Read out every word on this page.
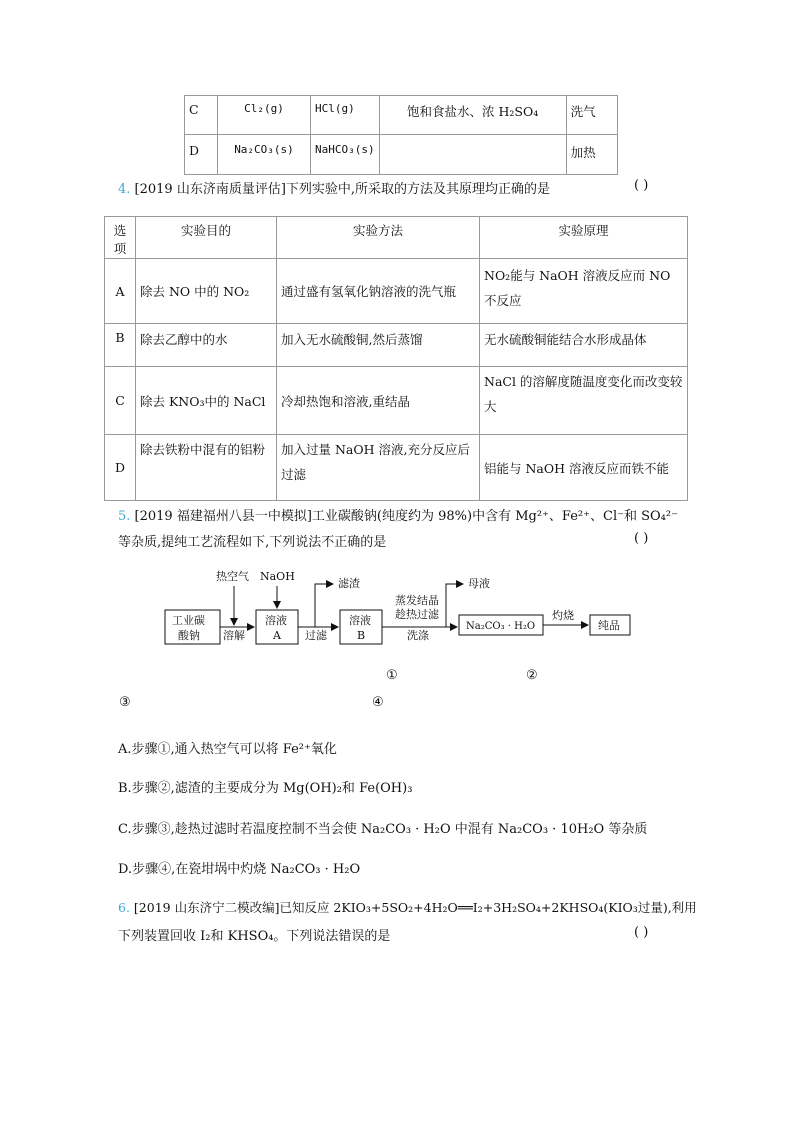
C	Cl₂(g)	HCl(g)	饱和食盐水、浓 H₂SO₄	洗气
D	Na₂CO₃(s)	NaHCO₃(s)		加热
4. [2019 山东济南质量评估]下列实验中,所采取的方法及其原理均正确的是	( )
选项	实验目的	实验方法	实验原理
A	除去 NO 中的 NO₂	通过盛有氢氧化钠溶液的洗气瓶	NO₂能与 NaOH 溶液反应而 NO 不反应
B	除去乙醇中的水	加入无水硫酸铜,然后蒸馏	无水硫酸铜能结合水形成晶体
C	除去 KNO₃中的 NaCl	冷却热饱和溶液,重结晶	NaCl 的溶解度随温度变化而改变较大
D	除去铁粉中混有的铝粉	加入过量 NaOH 溶液,充分反应后过滤	铝能与 NaOH 溶液反应而铁不能
5. [2019 福建福州八县一中模拟]工业碳酸钠(纯度约为 98%)中含有 Mg²⁺、Fe²⁺、Cl⁻和 SO₄²⁻
等杂质,提纯工艺流程如下,下列说法不正确的是	( )
热空气 NaOH
滤渣	母液
工业碳
酸钠 溶解
溶液
A 过滤
溶液
B
蒸发结晶
趁热过滤
洗涤
Na₂CO₃ · H₂O
灼烧
纯品
①	②
③	④
A.步骤①,通入热空气可以将 Fe²⁺氧化
B.步骤②,滤渣的主要成分为 Mg(OH)₂和 Fe(OH)₃
C.步骤③,趁热过滤时若温度控制不当会使 Na₂CO₃ · H₂O 中混有 Na₂CO₃ · 10H₂O 等杂质
D.步骤④,在瓷坩埚中灼烧 Na₂CO₃ · H₂O
6. [2019 山东济宁二模改编]已知反应 2KIO₃+5SO₂+4H₂O══I₂+3H₂SO₄+2KHSO₄(KIO₃过量),利用
下列装置回收 I₂和 KHSO₄。下列说法错误的是	( )
